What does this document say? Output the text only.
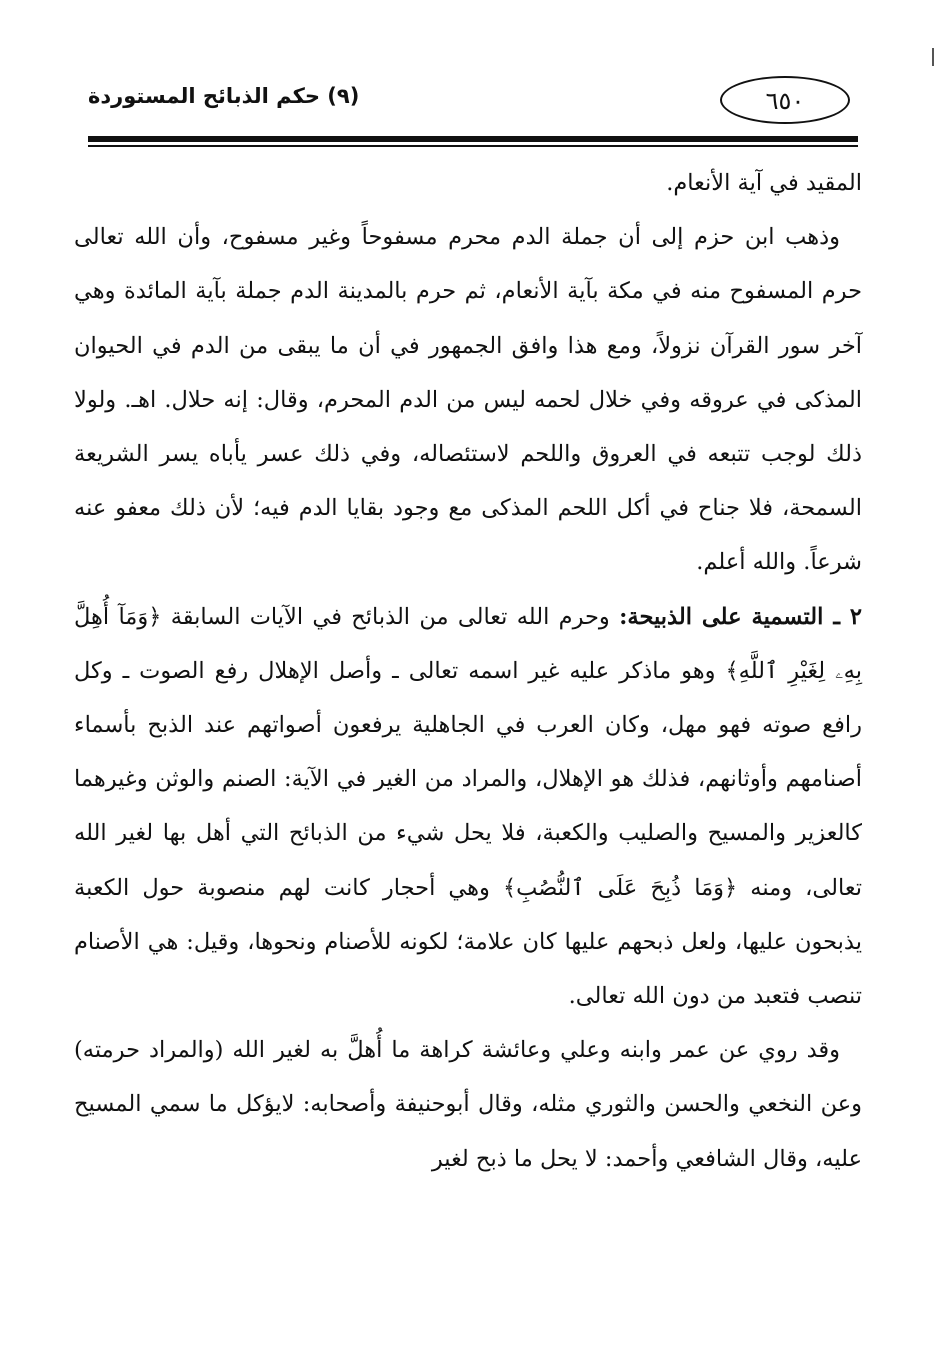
(٩) حكم الذبائح المستوردة	٦٥٠

المقيد في آية الأنعام.

وذهب ابن حزم إلى أن جملة الدم محرم مسفوحاً وغير مسفوح، وأن الله تعالى حرم المسفوح منه في مكة بآية الأنعام، ثم حرم بالمدينة الدم جملة بآية المائدة وهي آخر سور القرآن نزولاً، ومع هذا وافق الجمهور في أن ما يبقى من الدم في الحيوان المذكى في عروقه وفي خلال لحمه ليس من الدم المحرم، وقال: إنه حلال. اهـ. ولولا ذلك لوجب تتبعه في العروق واللحم لاستئصاله، وفي ذلك عسر يأباه يسر الشريعة السمحة، فلا جناح في أكل اللحم المذكى مع وجود بقايا الدم فيه؛ لأن ذلك معفو عنه شرعاً. والله أعلم.

٢ ـ التسمية على الذبيحة: وحرم الله تعالى من الذبائح في الآيات السابقة ﴿وَمَآ أُهِلَّ بِهِۦ لِغَيْرِ ٱللَّهِ﴾ وهو ماذكر عليه غير اسمه تعالى ـ وأصل الإهلال رفع الصوت ـ وكل رافع صوته فهو مهل، وكان العرب في الجاهلية يرفعون أصواتهم عند الذبح بأسماء أصنامهم وأوثانهم، فذلك هو الإهلال، والمراد من الغير في الآية: الصنم والوثن وغيرهما كالعزير والمسيح والصليب والكعبة، فلا يحل شيء من الذبائح التي أهل بها لغير الله تعالى، ومنه ﴿وَمَا ذُبِحَ عَلَى ٱلنُّصُبِ﴾ وهي أحجار كانت لهم منصوبة حول الكعبة يذبحون عليها، ولعل ذبحهم عليها كان علامة؛ لكونه للأصنام ونحوها، وقيل: هي الأصنام تنصب فتعبد من دون الله تعالى.

وقد روي عن عمر وابنه وعلي وعائشة كراهة ما أُهلَّ به لغير الله (والمراد حرمته) وعن النخعي والحسن والثوري مثله، وقال أبوحنيفة وأصحابه: لايؤكل ما سمي المسيح عليه، وقال الشافعي وأحمد: لا يحل ما ذبح لغير
